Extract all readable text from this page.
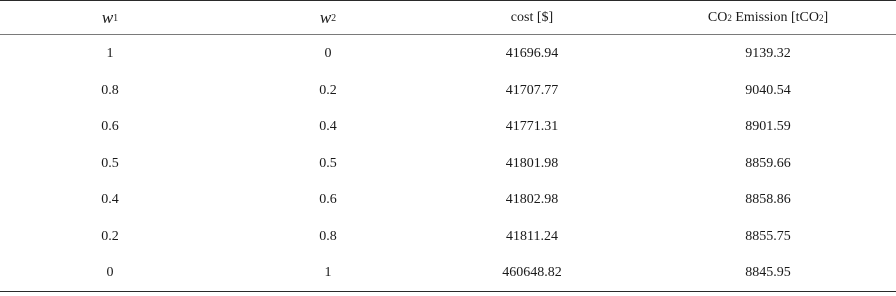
w 1	w 2	cost [$]	CO 2 Emission [tCO 2 ]
1	0	41696.94	9139.32
0.8	0.2	41707.77	9040.54
0.6	0.4	41771.31	8901.59
0.5	0.5	41801.98	8859.66
0.4	0.6	41802.98	8858.86
0.2	0.8	41811.24	8855.75
0	1	460648.82	8845.95
